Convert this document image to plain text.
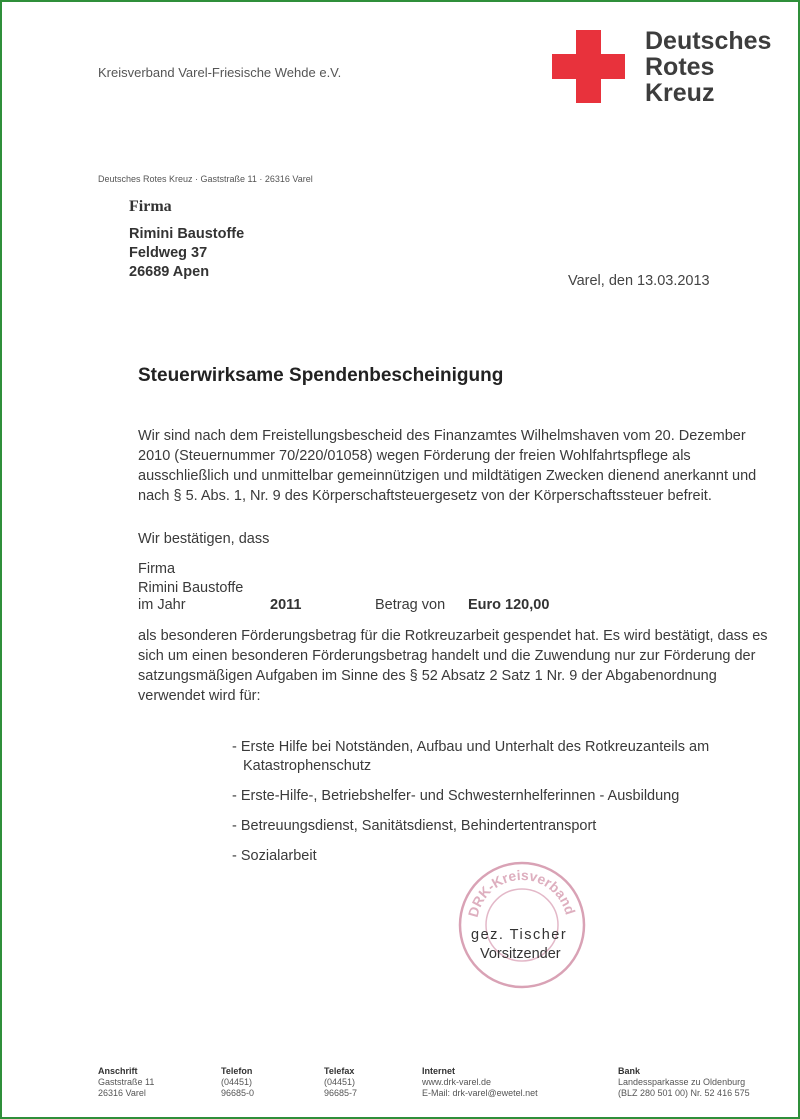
Kreisverband Varel-Friesische Wehde e.V.
Deutsches
Rotes
Kreuz
Deutsches Rotes Kreuz · Gaststraße 11 · 26316 Varel
Firma
Rimini Baustoffe
Feldweg 37
26689 Apen
Varel, den 13.03.2013
Steuerwirksame Spendenbescheinigung
Wir sind nach dem Freistellungsbescheid des Finanzamtes Wilhelmshaven vom 20. Dezember 2010 (Steuernummer 70/220/01058) wegen Förderung der freien Wohlfahrtspflege als ausschließlich und unmittelbar gemeinnützigen und mildtätigen Zwecken dienend anerkannt und nach § 5. Abs. 1, Nr. 9 des Körperschaftsteuergesetz von der Körperschaftssteuer befreit.
Wir bestätigen, dass
Firma
Rimini Baustoffe
im Jahr	2011	Betrag von Euro 120,00
als besonderen Förderungsbetrag für die Rotkreuzarbeit gespendet hat. Es wird bestätigt, dass es sich um einen besonderen Förderungsbetrag handelt und die Zuwendung nur zur Förderung der satzungsmäßigen Aufgaben im Sinne des § 52 Absatz 2 Satz 1 Nr. 9 der Abgabenordnung verwendet wird für:
- Erste Hilfe bei Notständen, Aufbau und Unterhalt des Rotkreuzanteils am
Katastrophenschutz
- Erste-Hilfe-, Betriebshelfer- und Schwesternhelferinnen - Ausbildung
- Betreuungsdienst, Sanitätsdienst, Behindertentransport
- Sozialarbeit
DRK-Kreisverband
gez. Tischer
Vorsitzender
Anschrift
Gaststraße 11
26316 Varel
Telefon
(04451)
96685-0
Telefax
(04451)
96685-7
Internet
www.drk-varel.de
E-Mail: drk-varel@ewetel.net
Bank
Landessparkasse zu Oldenburg
(BLZ 280 501 00) Nr. 52 416 575
